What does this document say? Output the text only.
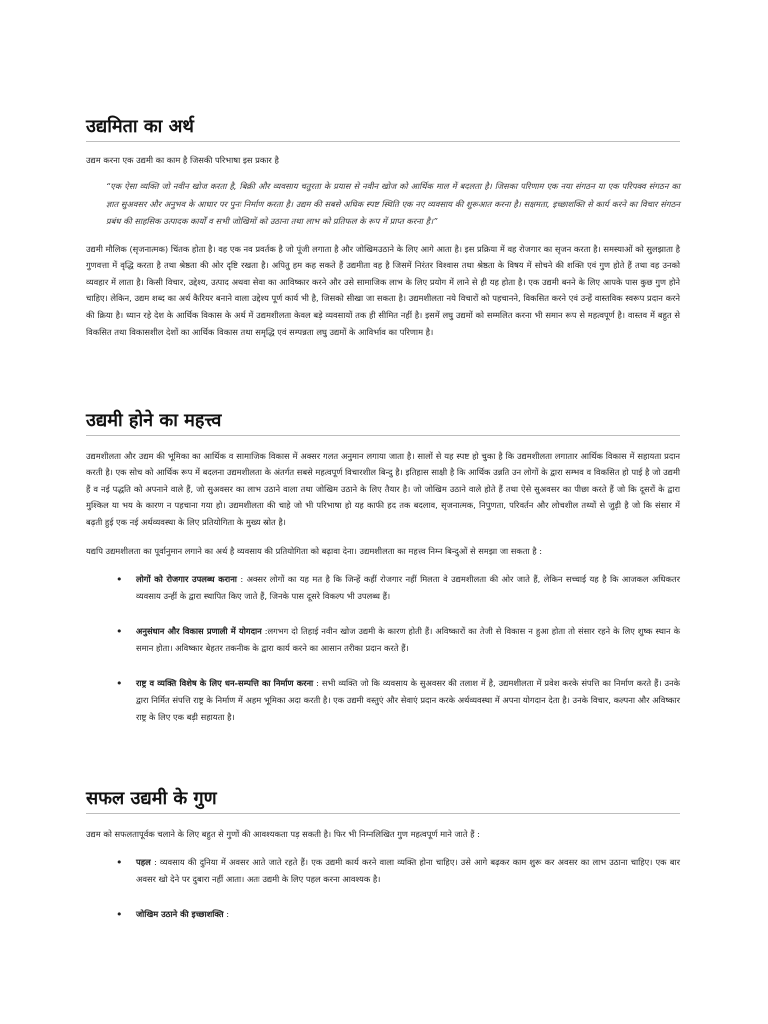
उद्यमिता का अर्थ

उद्यम करना एक उद्यमी का काम है जिसकी परिभाषा इस प्रकार है

“एक ऐसा व्यक्ति जो नवीन खोज करता है, बिक्री और व्यवसाय चतुरता के प्रयास से नवीन खोज को आर्थिक माल में बदलता है। जिसका परिणाम एक नया संगठन या एक परिपक्व संगठन का ज्ञात सुअवसर और अनुभव के आधार पर पुनः निर्माण करता है। उद्यम की सबसे अधिक स्पष्ट स्थिति एक नए व्यवसाय की शुरूआत करना है। सक्षमता, इच्छाशक्ति से कार्य करने का विचार संगठन प्रबंध की साहसिक उत्पादक कार्यों व सभी जोखिमों को उठाना तथा लाभ को प्रतिफल के रूप में प्राप्त करना है।”

उद्यमी मौलिक (सृजनात्मक) चिंतक होता है। वह एक नव प्रवर्तक है जो पूंजी लगाता है और जोखिमउठाने के लिए आगे आता है। इस प्रक्रिया में वह रोजगार का सृजन करता है। समस्याओं को सुलझाता है गुणवत्ता में वृद्धि करता है तथा श्रेष्ठता की ओर दृष्टि रखता है। अपितु हम कह सकते हैं उद्यमीता वह है जिसमें निरंतर विश्वास तथा श्रेष्ठता के विषय में सोचने की शक्ति एवं गुण होते हैं तथा वह उनको व्यवहार में लाता है। किसी विचार, उद्देश्य, उत्पाद अथवा सेवा का आविष्कार करने और उसे सामाजिक लाभ के लिए प्रयोग में लाने से ही यह होता है। एक उद्यमी बनने के लिए आपके पास कुछ गुण होने चाहिए। लेकिन, उद्यम शब्द का अर्थ कैरियर बनाने वाला उद्देश्य पूर्ण कार्य भी है, जिसको सीखा जा सकता है। उद्यमशीलता नये विचारों को पहचानने, विकसित करने एवं उन्हें वास्तविक स्वरूप प्रदान करने की क्रिया है। ध्यान रहे देश के आर्थिक विकास के अर्थ में उद्यमशीलता केवल बड़े व्यवसायों तक ही सीमित नहीं है। इसमें लघु उद्यमों को सम्मलित करना भी समान रूप से महत्वपूर्ण है। वास्तव में बहुत से विकसित तथा विकासशील देशों का आर्थिक विकास तथा समृद्धि एवं सम्पन्नता लघु उद्यमों के आविर्भाव का परिणाम है।

उद्यमी होने का महत्त्व

उद्यमशीलता और उद्यम की भूमिका का आर्थिक व सामाजिक विकास में अक्सर गलत अनुमान लगाया जाता है। सालों से यह स्पष्ट हो चुका है कि उद्यमशीलता लगातार आर्थिक विकास में सहायता प्रदान करती है। एक सोच को आर्थिक रूप में बदलना उद्यमशीलता के अंतर्गत सबसे महत्वपूर्ण विचारशील बिन्दु है। इतिहास साक्षी है कि आर्थिक उन्नति उन लोगों के द्वारा सम्भव व विकसित हो पाई है जो उद्यमी हैं व नई पद्धति को अपनाने वाले हैं, जो सुअवसर का लाभ उठाने वाला तथा जोखिम उठाने के लिए तैयार है। जो जोखिम उठाने वाले होते हैं तथा ऐसे सुअवसर का पीछा करते हैं जो कि दूसरों के द्वारा मुश्किल या भय के कारण न पहचाना गया हो। उद्यमशीलता की चाहे जो भी परिभाषा हो यह काफी हद तक बदलाव, सृजनात्मक, निपुणता, परिवर्तन और लोचशील तथ्यों से जुड़ी है जो कि संसार में बढ़ती हुई एक नई अर्थव्यवस्था के लिए प्रतियोगिता के मुख्य स्रोत है।

यद्यपि उद्यमशीलता का पूर्वानुमान लगाने का अर्थ है व्यवसाय की प्रतियोगिता को बढ़ावा देना। उद्यमशीलता का महत्त्व निम्न बिन्दुओं से समझा जा सकता है :

• लोगों को रोजगार उपलब्ध कराना : अक्सर लोगों का यह मत है कि जिन्हें कहीं रोजगार नहीं मिलता वे उद्यमशीलता की ओर जाते हैं, लेकिन सच्चाई यह है कि आजकल अधिकतर व्यवसाय उन्हीं के द्वारा स्थापित किए जाते हैं, जिनके पास दूसरे विकल्प भी उपलब्ध हैं।
• अनुसंधान और विकास प्रणाली में योगदान :लगभग दो तिहाई नवीन खोज उद्यमी के कारण होती हैं। अविष्कारों का तेजी से विकास न हुआ होता तो संसार रहने के लिए शुष्क स्थान के समान होता। अविष्कार बेहतर तकनीक के द्वारा कार्य करने का आसान तरीका प्रदान करते हैं।
• राष्ट्र व व्यक्ति विशेष के लिए धन-सम्पत्ति का निर्माण करना : सभी व्यक्ति जो कि व्यवसाय के सुअवसर की तलाश में है, उद्यमशीलता में प्रवेश करके संपत्ति का निर्माण करते हैं। उनके द्वारा निर्मित संपत्ति राष्ट्र के निर्माण में अहम भूमिका अदा करती है। एक उद्यमी वस्तुएं और सेवाएं प्रदान करके अर्थव्यवस्था में अपना योगदान देता है। उनके विचार, कल्पना और अविष्कार राष्ट्र के लिए एक बड़ी सहायता है।
सफल उद्यमी के गुण

उद्यम को सफलतापूर्वक चलाने के लिए बहुत से गुणों की आवश्यकता पड़ सकती है। फिर भी निम्नलिखित गुण महत्वपूर्ण माने जाते हैं :

• पहल : व्यवसाय की दुनिया में अवसर आते जाते रहते हैं। एक उद्यमी कार्य करने वाला व्यक्ति होना चाहिए। उसे आगे बढ़कर काम शुरू कर अवसर का लाभ उठाना चाहिए। एक बार अवसर खो देने पर दुबारा नहीं आता। अतः उद्यमी के लिए पहल करना आवश्यक है।
• जोखिम उठाने की इच्छाशक्ति :
